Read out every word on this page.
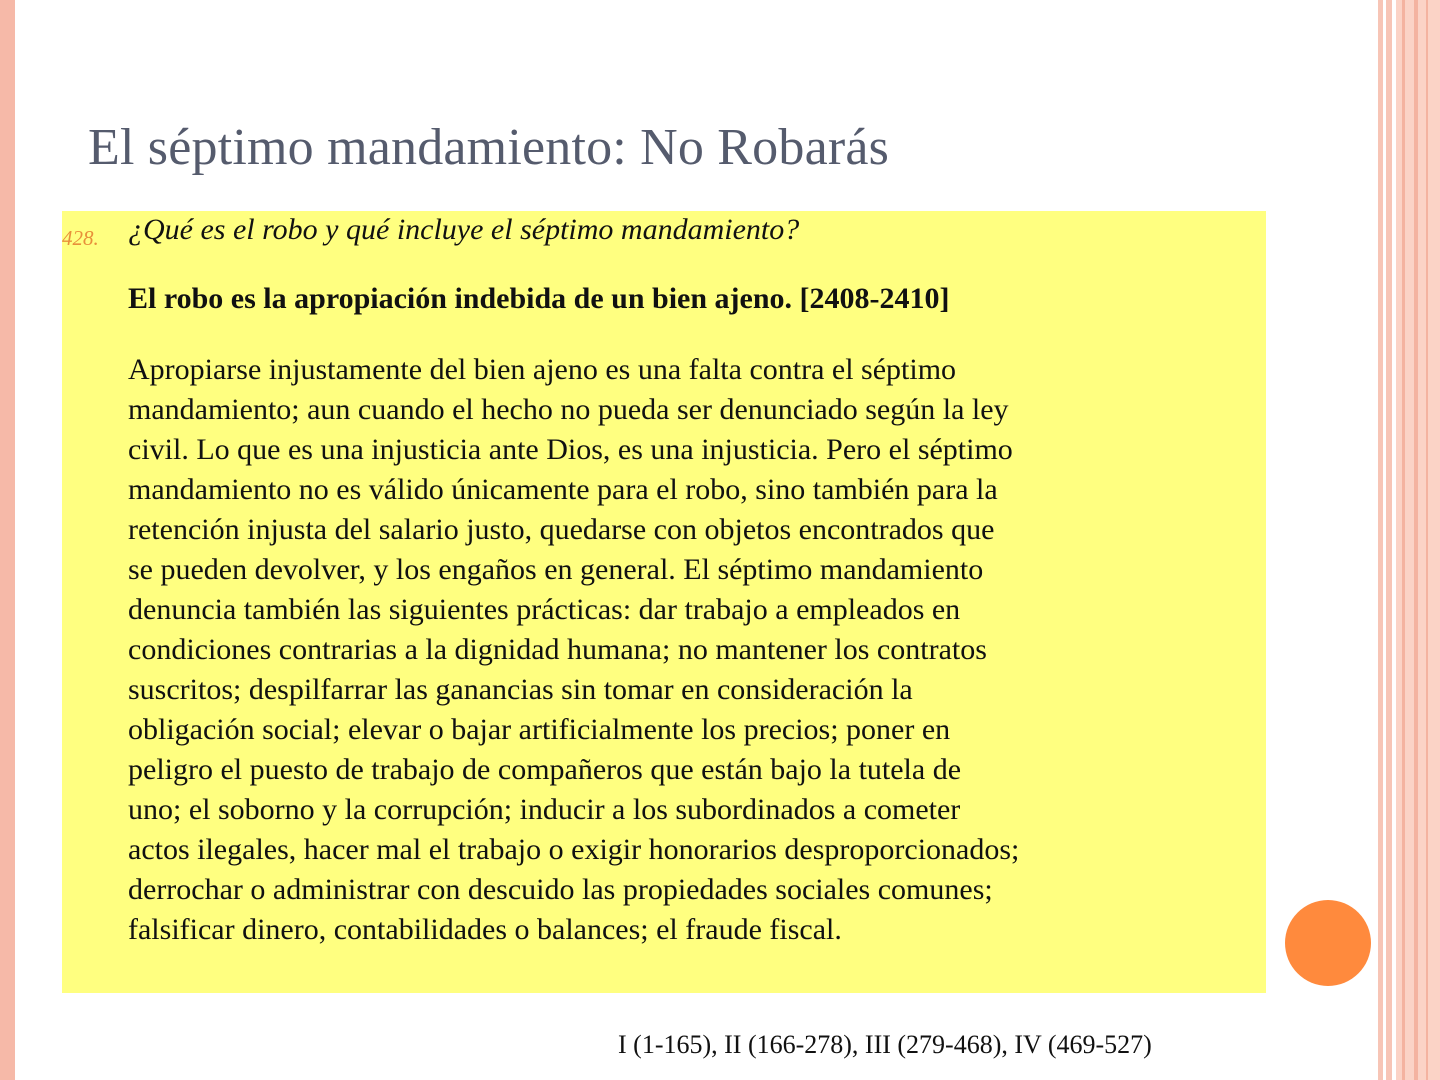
El séptimo mandamiento: No Robarás
428. ¿Qué es el robo y qué incluye el séptimo mandamiento?

El robo es la apropiación indebida de un bien ajeno. [2408-2410]

Apropiarse injustamente del bien ajeno es una falta contra el séptimo
mandamiento; aun cuando el hecho no pueda ser denunciado según la ley
civil. Lo que es una injusticia ante Dios, es una injusticia. Pero el séptimo
mandamiento no es válido únicamente para el robo, sino también para la
retención injusta del salario justo, quedarse con objetos encontrados que
se pueden devolver, y los engaños en general. El séptimo mandamiento
denuncia también las siguientes prácticas: dar trabajo a empleados en
condiciones contrarias a la dignidad humana; no mantener los contratos
suscritos; despilfarrar las ganancias sin tomar en consideración la
obligación social; elevar o bajar artificialmente los precios; poner en
peligro el puesto de trabajo de compañeros que están bajo la tutela de
uno; el soborno y la corrupción; inducir a los subordinados a cometer
actos ilegales, hacer mal el trabajo o exigir honorarios desproporcionados;
derrochar o administrar con descuido las propiedades sociales comunes;
falsificar dinero, contabilidades o balances; el fraude fiscal.

I (1-165), II (166-278), III (279-468), IV (469-527)
